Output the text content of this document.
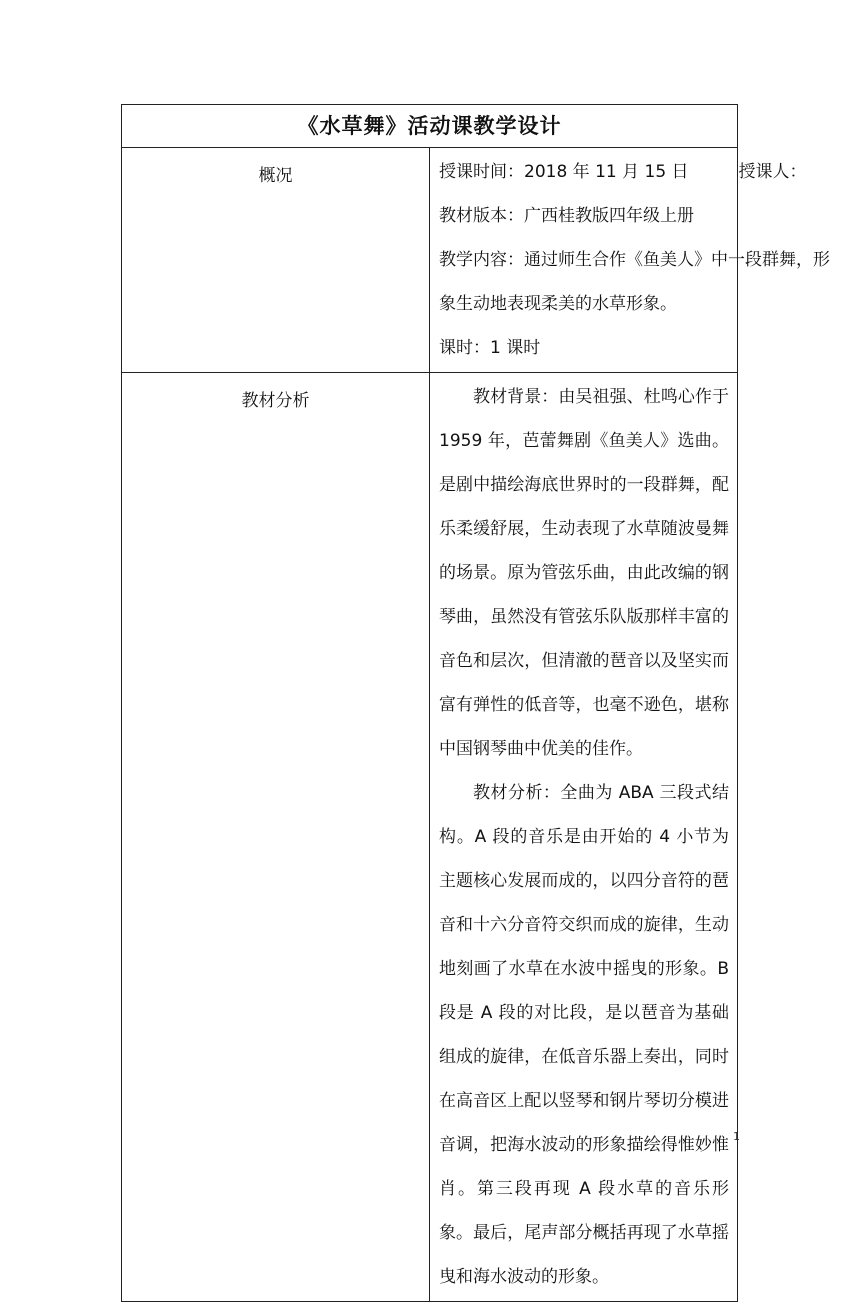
《水草舞》活动课教学设计	
概况	授课时间：2018 年 11 月 15 日 授课人：
教材版本：广西桂教版四年级上册
教学内容：通过师生合作《鱼美人》中一段群舞，形
象生动地表现柔美的水草形象。
课时：1 课时

教材分析	教材背景：由吴祖强、杜鸣心作于 1959 年，芭蕾舞剧《鱼美人》选曲。是剧中描绘海底世界时的一段群舞，配乐柔缓舒展，生动表现了水草随波曼舞的场景。原为管弦乐曲，由此改编的钢琴曲，虽然没有管弦乐队版那样丰富的音色和层次，但清澈的琶音以及坚实而富有弹性的低音等，也毫不逊色，堪称中国钢琴曲中优美的佳作。
教材分析：全曲为 ABA 三段式结构。A 段的音乐是由开始的 4 小节为主题核心发展而成的，以四分音符的琶音和十六分音符交织而成的旋律，生动地刻画了水草在水波中摇曳的形象。B 段是 A 段的对比段，是以琶音为基础组成的旋律，在低音乐器上奏出，同时在高音区上配以竖琴和钢片琴切分模进音调，把海水波动的形象描绘得惟妙惟肖。第三段再现 A 段水草的音乐形象。最后，尾声部分概括再现了水草摇曳和海水波动的形象。
1
